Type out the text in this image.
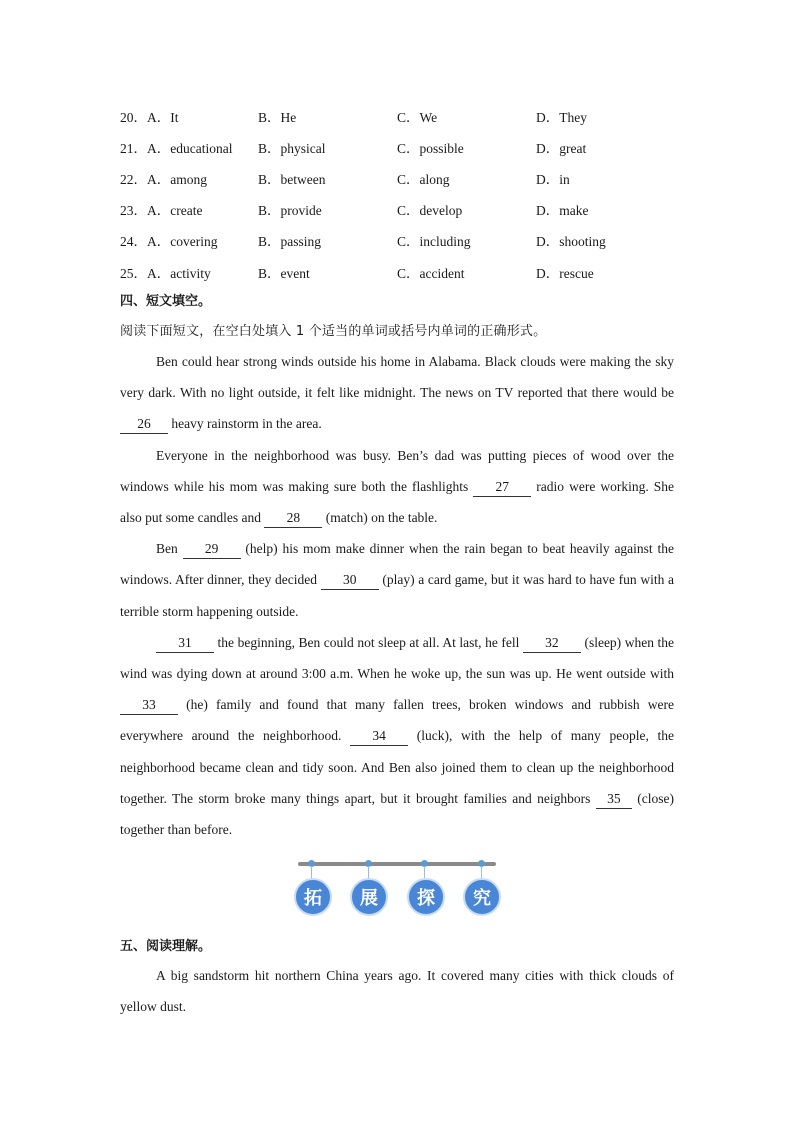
20．A．It	B．He	C．We	D．They
21．A．educational	B．physical	C．possible	D．great
22．A．among	B．between	C．along	D．in
23．A．create	B．provide	C．develop	D．make
24．A．covering	B．passing	C．including	D．shooting
25．A．activity	B．event	C．accident	D．rescue
四、短文填空。
阅读下面短文，在空白处填入 1 个适当的单词或括号内单词的正确形式。

Ben could hear strong winds outside his home in Alabama. Black clouds were making the sky very dark. With no light outside, it felt like midnight. The news on TV reported that there would be 26 heavy rainstorm in the area.

Everyone in the neighborhood was busy. Ben’s dad was putting pieces of wood over the windows while his mom was making sure both the flashlights 27 radio were working. She also put some candles and 28 (match) on the table.

Ben 29 (help) his mom make dinner when the rain began to beat heavily against the windows. After dinner, they decided 30 (play) a card game, but it was hard to have fun with a terrible storm happening outside.

31 the beginning, Ben could not sleep at all. At last, he fell 32 (sleep) when the wind was dying down at around 3:00 a.m. When he woke up, the sun was up. He went outside with 33 (he) family and found that many fallen trees, broken windows and rubbish were everywhere around the neighborhood. 34 (luck), with the help of many people, the neighborhood became clean and tidy soon. And Ben also joined them to clean up the neighborhood together. The storm broke many things apart, but it brought families and neighbors 35 (close) together than before.

拓	展	探	究
五、阅读理解。

A big sandstorm hit northern China years ago. It covered many cities with thick clouds of yellow dust.
